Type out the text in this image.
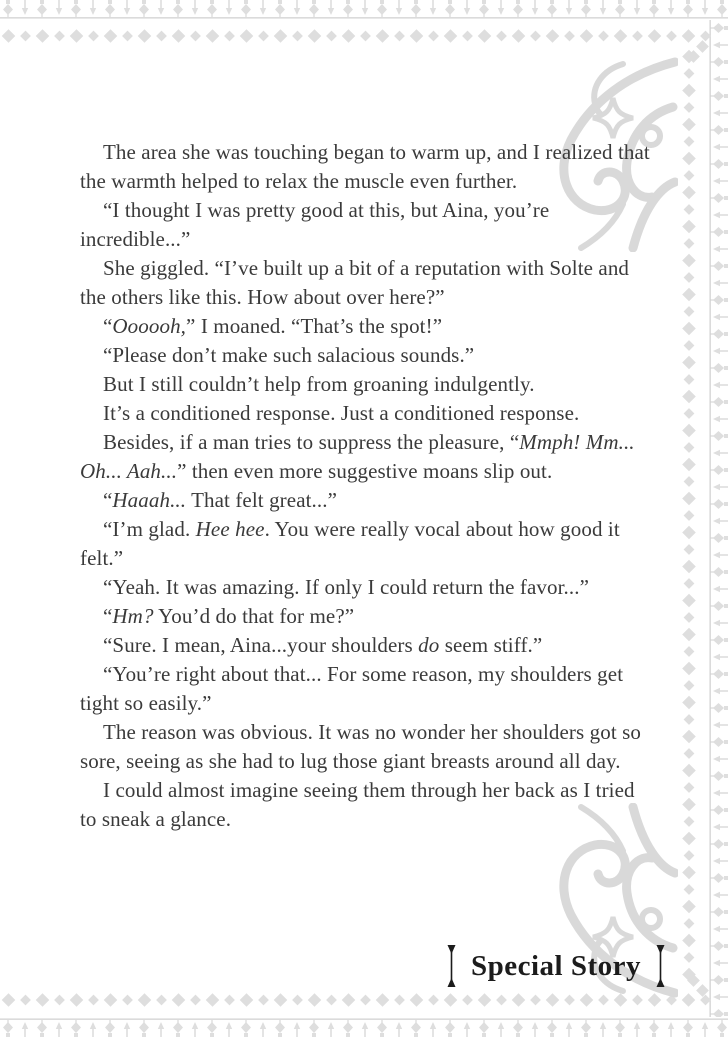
The area she was touching began to warm up, and I realized that the warmth helped to relax the muscle even further.

“I thought I was pretty good at this, but Aina, you’re incredible...”

She giggled. “I’ve built up a bit of a reputation with Solte and the others like this. How about over here?”

“Oooooh,” I moaned. “That’s the spot!”

“Please don’t make such salacious sounds.”

But I still couldn’t help from groaning indulgently.

It’s a conditioned response. Just a conditioned response.

Besides, if a man tries to suppress the pleasure, “Mmph! Mm... Oh... Aah...” then even more suggestive moans slip out.

“Haaah... That felt great...”

“I’m glad. Hee hee. You were really vocal about how good it felt.”

“Yeah. It was amazing. If only I could return the favor...”

“Hm? You’d do that for me?”

“Sure. I mean, Aina...your shoulders do seem stiff.”

“You’re right about that... For some reason, my shoulders get tight so easily.”

The reason was obvious. It was no wonder her shoulders got so sore, seeing as she had to lug those giant breasts around all day.

I could almost imagine seeing them through her back as I tried to sneak a glance.

Special Story
